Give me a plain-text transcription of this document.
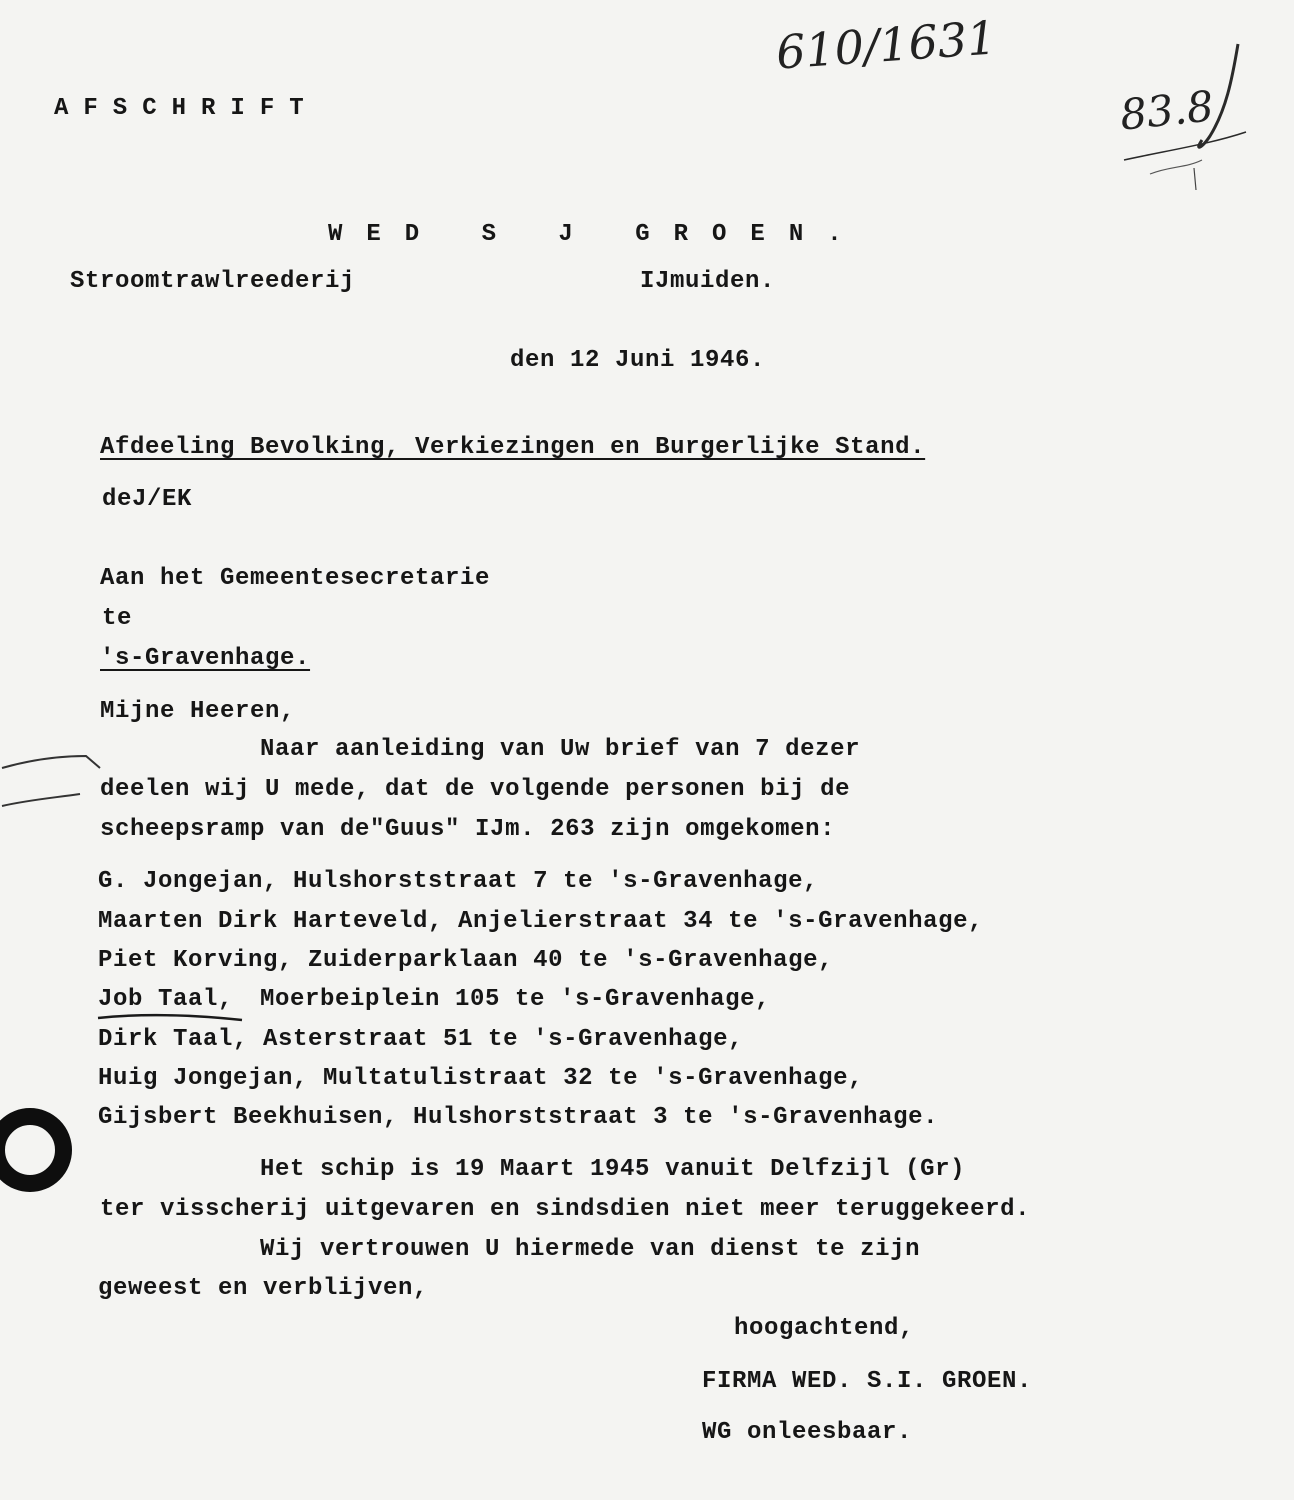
610/1631
83.8
AFSCHRIFT
WED S J GROEN.
Stroomtrawlreederij	IJmuiden.
den 12 Juni 1946.
Afdeeling Bevolking, Verkiezingen en Burgerlijke Stand.
deJ/EK
Aan het Gemeentesecretarie
te
's-Gravenhage.
Mijne Heeren,
Naar aanleiding van Uw brief van 7 dezer
deelen wij U mede, dat de volgende personen bij de
scheepsramp van de"Guus" IJm. 263 zijn omgekomen:
G. Jongejan, Hulshorststraat 7 te 's-Gravenhage,
Maarten Dirk Harteveld, Anjelierstraat 34 te 's-Gravenhage,
Piet Korving, Zuiderparklaan 40 te 's-Gravenhage,
Job Taal, Moerbeiplein 105 te 's-Gravenhage,
Dirk Taal, Asterstraat 51 te 's-Gravenhage,
Huig Jongejan, Multatulistraat 32 te 's-Gravenhage,
Gijsbert Beekhuisen, Hulshorststraat 3 te 's-Gravenhage.
Het schip is 19 Maart 1945 vanuit Delfzijl (Gr)
ter visscherij uitgevaren en sindsdien niet meer teruggekeerd.
Wij vertrouwen U hiermede van dienst te zijn
geweest en verblijven,
hoogachtend,
FIRMA WED. S.I. GROEN.
WG onleesbaar.
